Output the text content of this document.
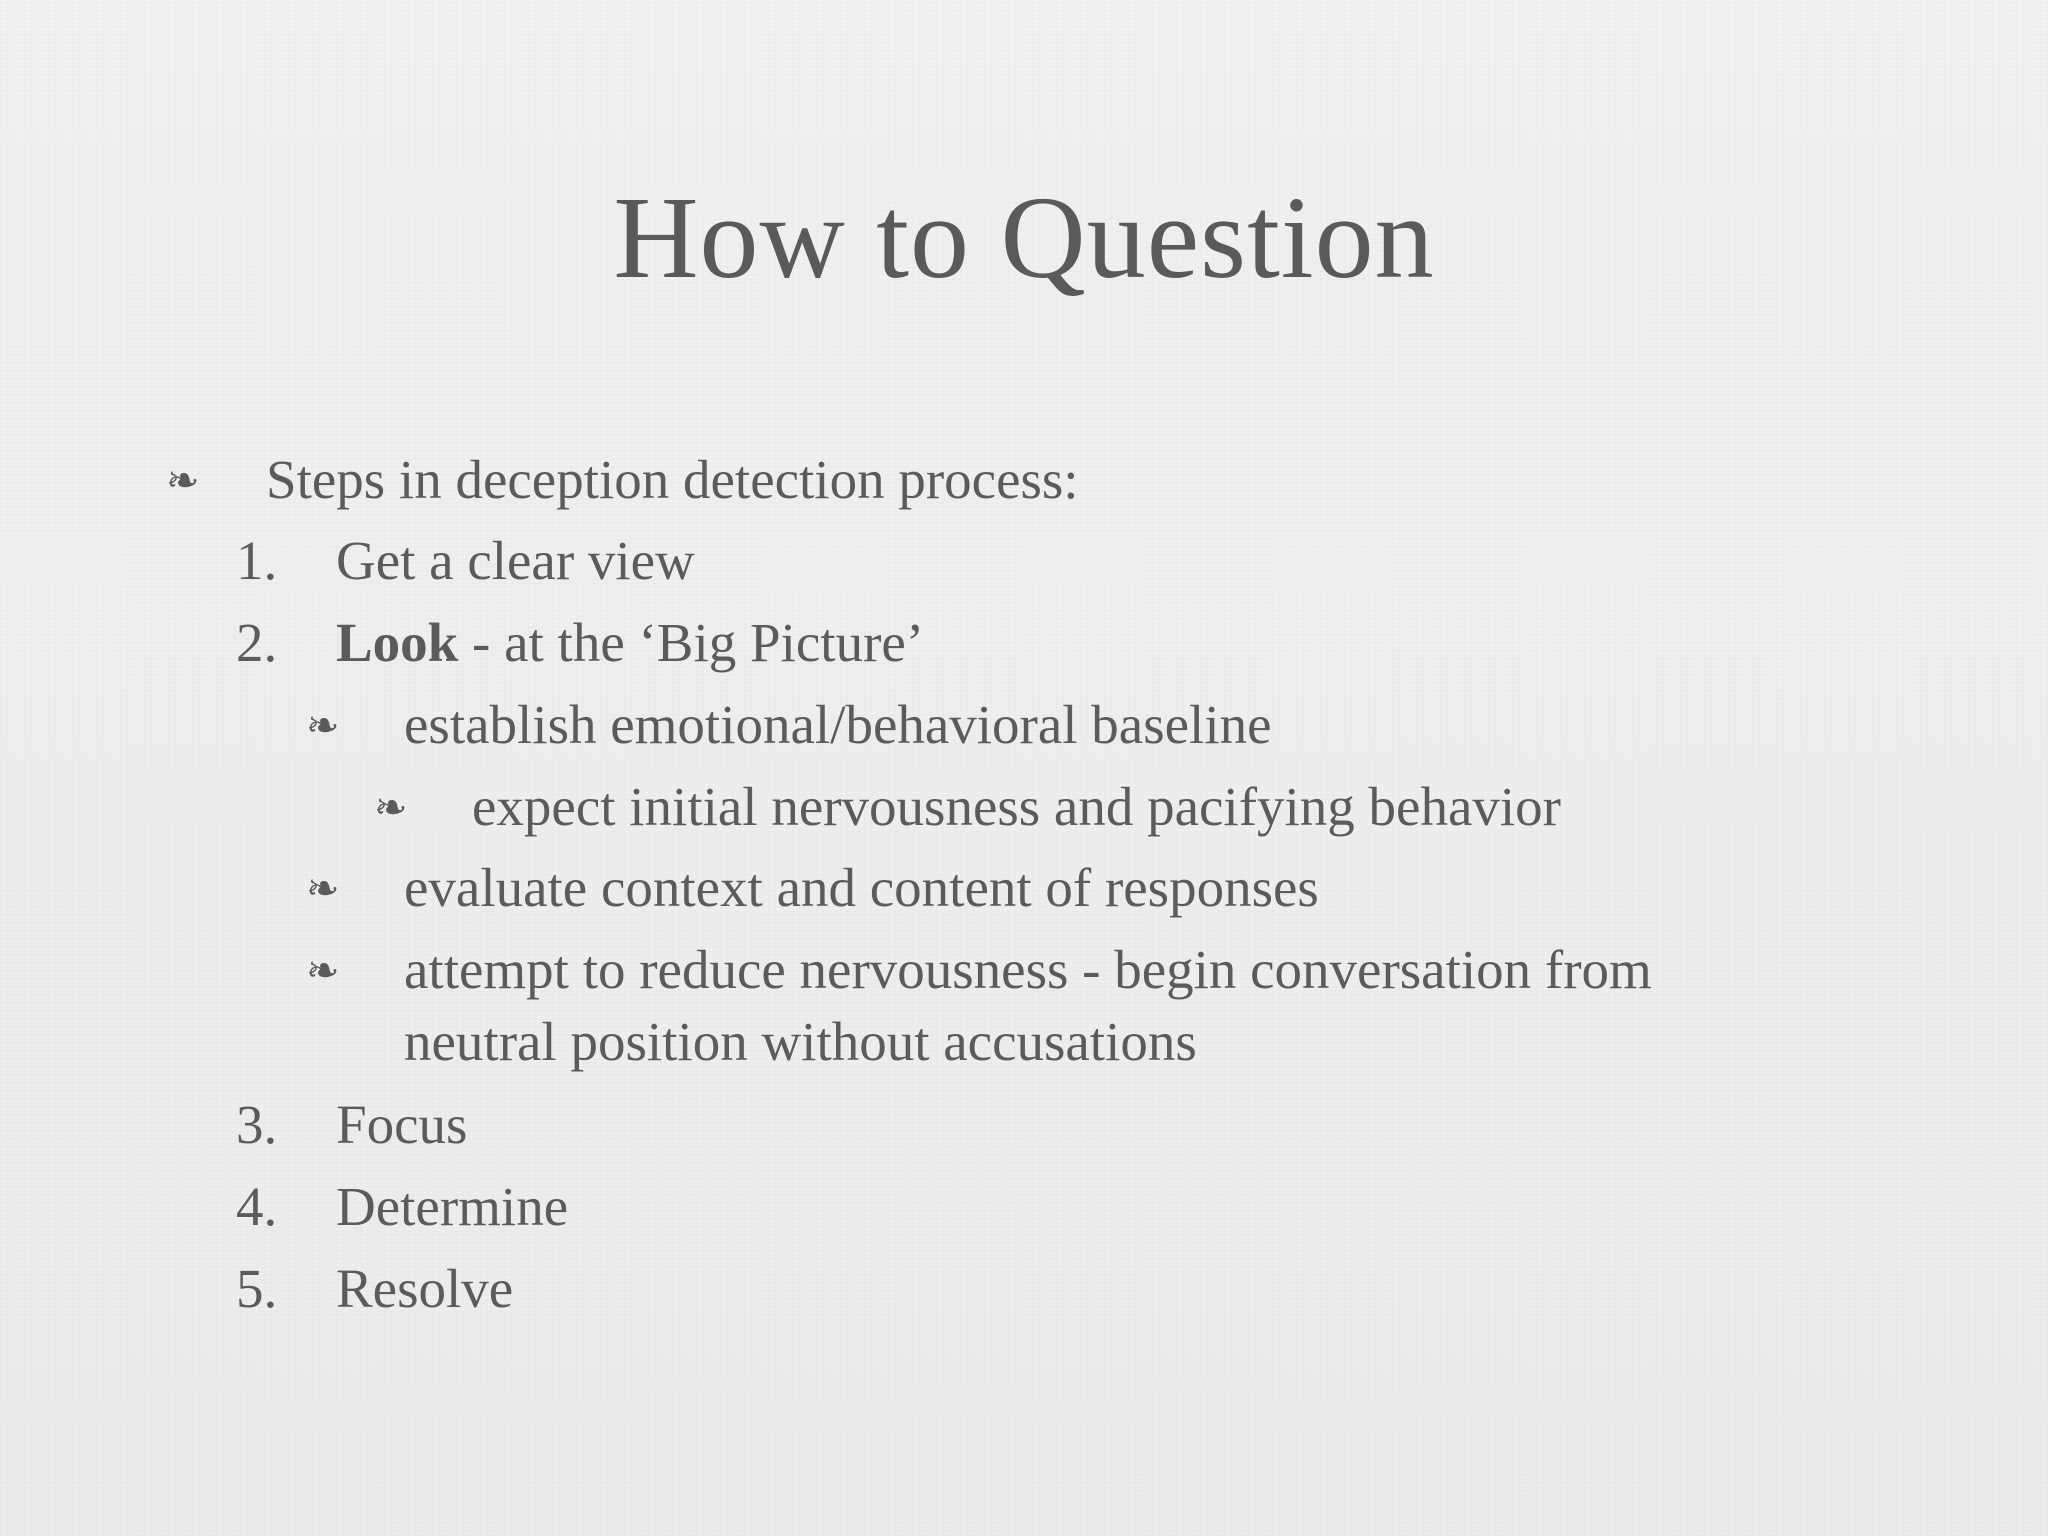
How to Question
❧ Steps in deception detection process:
1. Get a clear view
2. Look - at the ‘Big Picture’
❧ establish emotional/behavioral baseline
❧ expect initial nervousness and pacifying behavior
❧ evaluate context and content of responses
❧ attempt to reduce nervousness - begin conversation from
neutral position without accusations
3. Focus
4. Determine
5. Resolve
